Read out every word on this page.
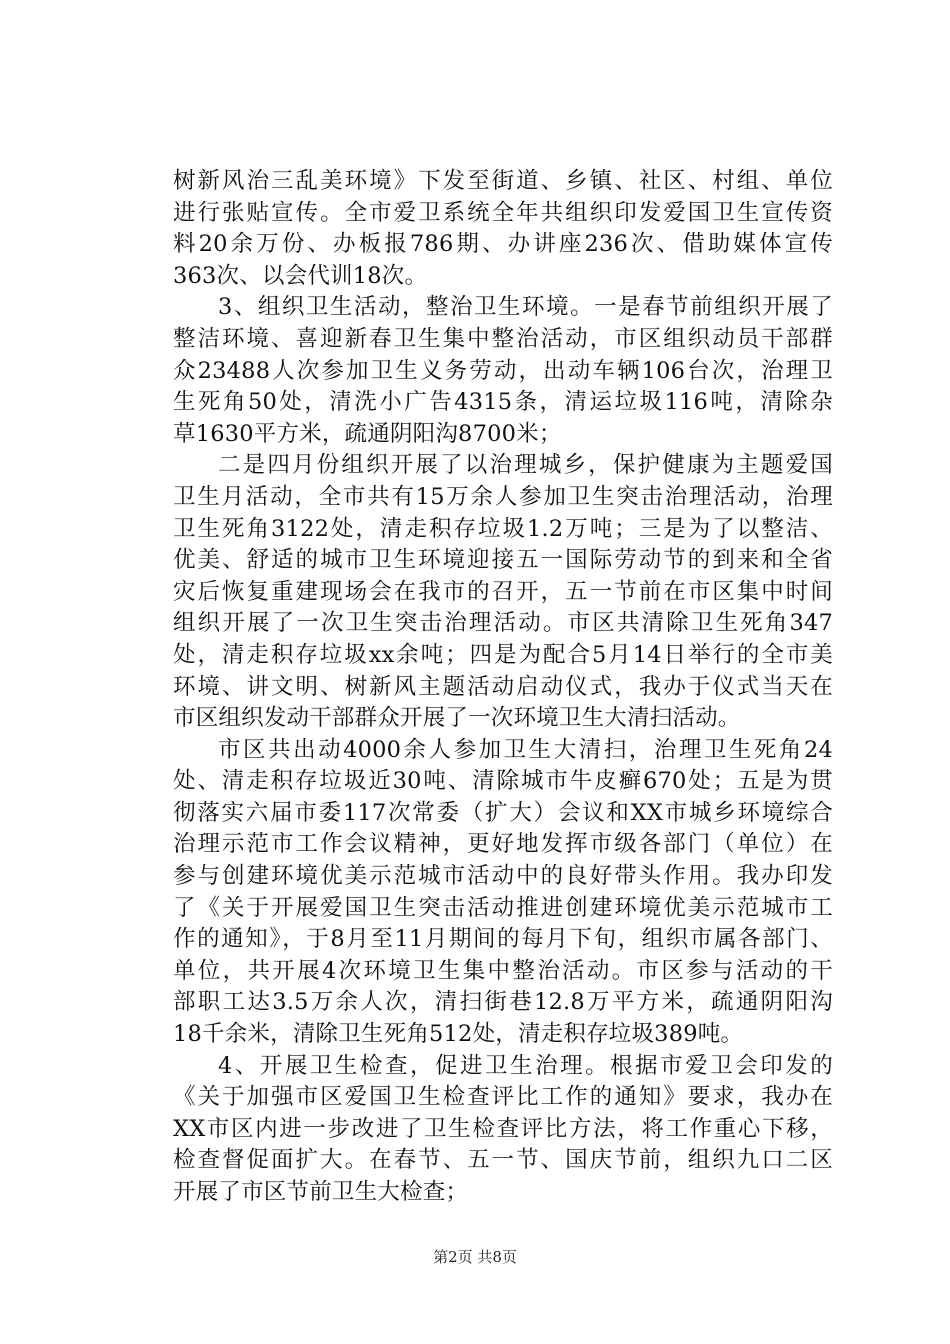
树新风治三乱美环境》下发至街道、乡镇、社区、村组、单位
进行张贴宣传。全市爱卫系统全年共组织印发爱国卫生宣传资
料20余万份、办板报786期、办讲座236次、借助媒体宣传
363次、以会代训18次。
3、组织卫生活动，整治卫生环境。一是春节前组织开展了
整洁环境、喜迎新春卫生集中整治活动，市区组织动员干部群
众23488人次参加卫生义务劳动，出动车辆106台次，治理卫
生死角50处，清洗小广告4315条，清运垃圾116吨，清除杂
草1630平方米，疏通阴阳沟8700米；
二是四月份组织开展了以治理城乡，保护健康为主题爱国
卫生月活动，全市共有15万余人参加卫生突击治理活动，治理
卫生死角3122处，清走积存垃圾1.2万吨；三是为了以整洁、
优美、舒适的城市卫生环境迎接五一国际劳动节的到来和全省
灾后恢复重建现场会在我市的召开，五一节前在市区集中时间
组织开展了一次卫生突击治理活动。市区共清除卫生死角347
处，清走积存垃圾xx余吨；四是为配合5月14日举行的全市美
环境、讲文明、树新风主题活动启动仪式，我办于仪式当天在
市区组织发动干部群众开展了一次环境卫生大清扫活动。
市区共出动4000余人参加卫生大清扫，治理卫生死角24
处、清走积存垃圾近30吨、清除城市牛皮癣670处；五是为贯
彻落实六届市委117次常委（扩大）会议和XX市城乡环境综合
治理示范市工作会议精神，更好地发挥市级各部门（单位）在
参与创建环境优美示范城市活动中的良好带头作用。我办印发
了《关于开展爱国卫生突击活动推进创建环境优美示范城市工
作的通知》，于8月至11月期间的每月下旬，组织市属各部门、
单位，共开展4次环境卫生集中整治活动。市区参与活动的干
部职工达3.5万余人次，清扫街巷12.8万平方米，疏通阴阳沟
18千余米，清除卫生死角512处，清走积存垃圾389吨。
4、开展卫生检查，促进卫生治理。根据市爱卫会印发的
《关于加强市区爱国卫生检查评比工作的通知》要求，我办在
XX市区内进一步改进了卫生检查评比方法，将工作重心下移，
检查督促面扩大。在春节、五一节、国庆节前，组织九口二区
开展了市区节前卫生大检查；
第2页 共8页
